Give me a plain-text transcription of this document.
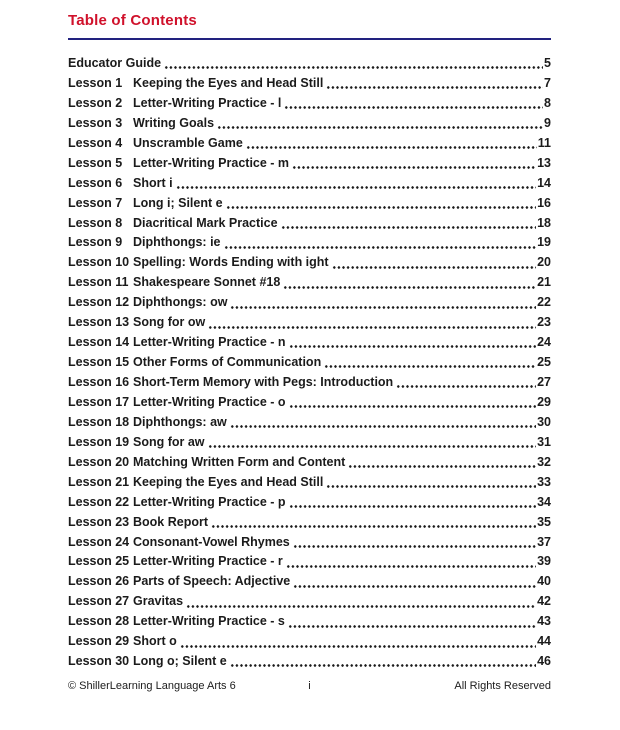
Table of Contents
Educator Guide	5
Lesson 1 Keeping the Eyes and Head Still	7
Lesson 2 Letter-Writing Practice - l	8
Lesson 3 Writing Goals	9
Lesson 4 Unscramble Game	11
Lesson 5 Letter-Writing Practice - m	13
Lesson 6 Short i	14
Lesson 7 Long i; Silent e	16
Lesson 8 Diacritical Mark Practice	18
Lesson 9 Diphthongs: ie	19
Lesson 10 Spelling: Words Ending with ight	20
Lesson 11 Shakespeare Sonnet #18	21
Lesson 12 Diphthongs: ow	22
Lesson 13 Song for ow	23
Lesson 14 Letter-Writing Practice - n	24
Lesson 15 Other Forms of Communication	25
Lesson 16 Short-Term Memory with Pegs: Introduction	27
Lesson 17 Letter-Writing Practice - o	29
Lesson 18 Diphthongs: aw	30
Lesson 19 Song for aw	31
Lesson 20 Matching Written Form and Content	32
Lesson 21 Keeping the Eyes and Head Still	33
Lesson 22 Letter-Writing Practice - p	34
Lesson 23 Book Report	35
Lesson 24 Consonant-Vowel Rhymes	37
Lesson 25 Letter-Writing Practice - r	39
Lesson 26 Parts of Speech: Adjective	40
Lesson 27 Gravitas	42
Lesson 28 Letter-Writing Practice - s	43
Lesson 29 Short o	44
Lesson 30 Long o; Silent e	46
© ShillerLearning Language Arts 6	i	All Rights Reserved
